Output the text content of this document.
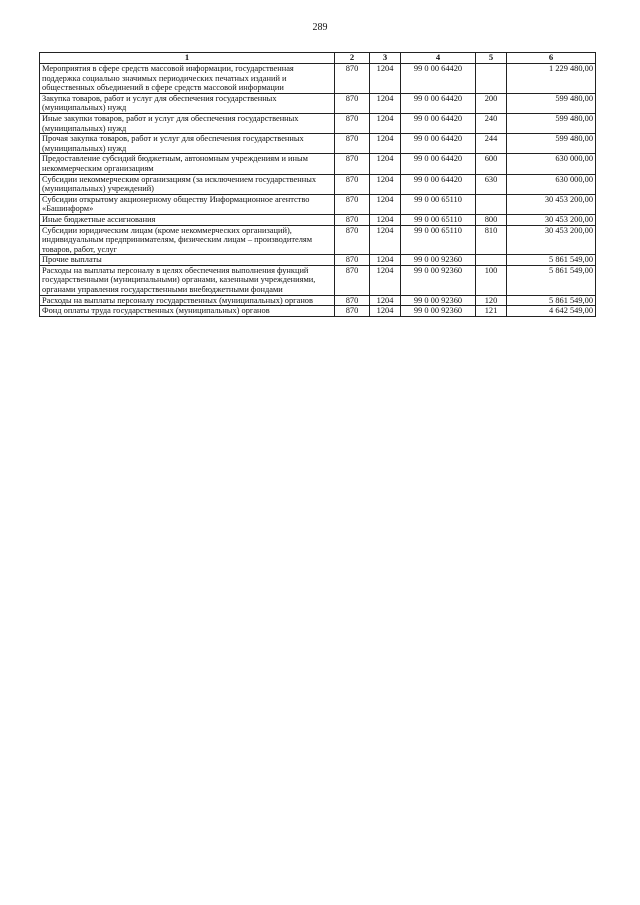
289
1	2	3	4	5	6
Мероприятия в сфере средств массовой информации, государственная поддержка социально значимых периодических печатных изданий и общественных объединений в сфере средств массовой информации	870	1204	99 0 00 64420		1 229 480,00
Закупка товаров, работ и услуг для обеспечения государственных (муниципальных) нужд	870	1204	99 0 00 64420	200	599 480,00
Иные закупки товаров, работ и услуг для обеспечения государственных (муниципальных) нужд	870	1204	99 0 00 64420	240	599 480,00
Прочая закупка товаров, работ и услуг для обеспечения государственных (муниципальных) нужд	870	1204	99 0 00 64420	244	599 480,00
Предоставление субсидий бюджетным, автономным учреждениям и иным некоммерческим организациям	870	1204	99 0 00 64420	600	630 000,00
Субсидии некоммерческим организациям (за исключением государственных (муниципальных) учреждений)	870	1204	99 0 00 64420	630	630 000,00
Субсидии открытому акционерному обществу Информационное агентство «Башинформ»	870	1204	99 0 00 65110		30 453 200,00
Иные бюджетные ассигнования	870	1204	99 0 00 65110	800	30 453 200,00
Субсидии юридическим лицам (кроме некоммерческих организаций), индивидуальным предпринимателям, физическим лицам – производителям товаров, работ, услуг	870	1204	99 0 00 65110	810	30 453 200,00
Прочие выплаты	870	1204	99 0 00 92360		5 861 549,00
Расходы на выплаты персоналу в целях обеспечения выполнения функций государственными (муниципальными) органами, казенными учреждениями, органами управления государственными внебюджетными фондами	870	1204	99 0 00 92360	100	5 861 549,00
Расходы на выплаты персоналу государственных (муниципальных) органов	870	1204	99 0 00 92360	120	5 861 549,00
Фонд оплаты труда государственных (муниципальных) органов	870	1204	99 0 00 92360	121	4 642 549,00
